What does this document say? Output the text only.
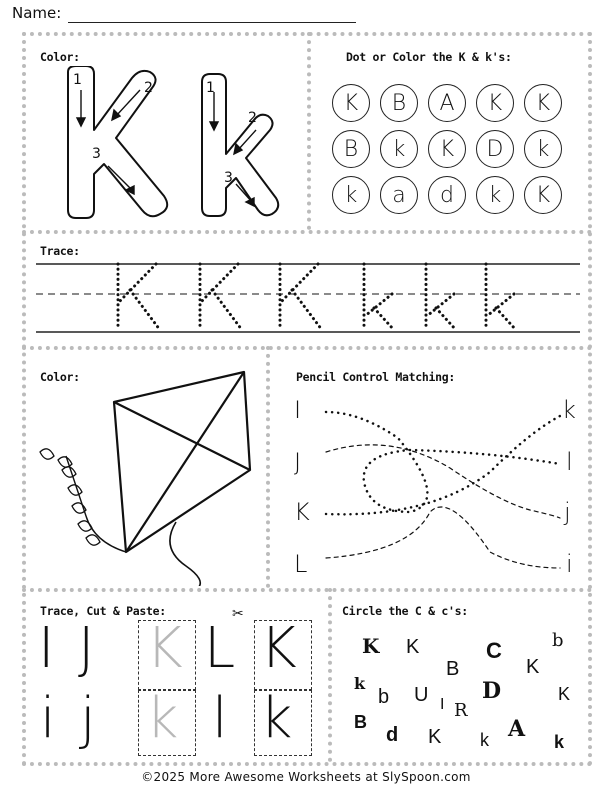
Name:
Color:
1	2
3
1
2
3
Dot or Color the K & k's:
K	B	A	K	K
B	k	K	D	k
k	a	d	k	K
Trace:
Color:	Pencil Control Matching:
I
J
K
L
k
l
j
i
Trace, Cut & Paste:	✂
I J K L K
i j k l k
Circle the C & c's:
K K	C	b
B	K
k
b U D	K
I R
B
d K k A k
©2025 More Awesome Worksheets at SlySpoon.com
